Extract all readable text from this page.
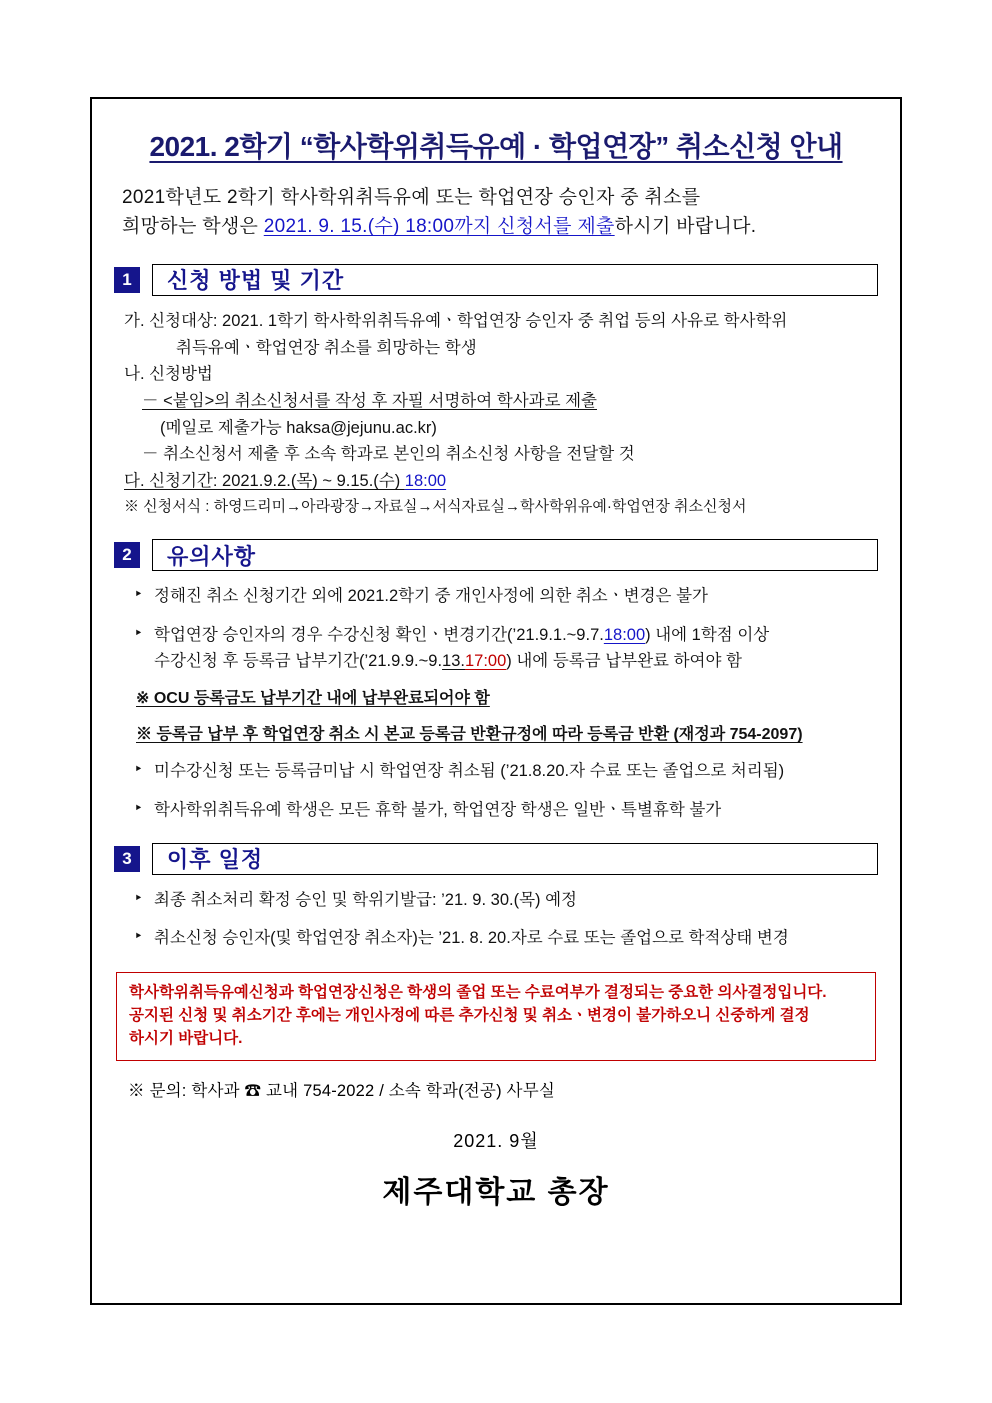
2021. 2학기 “학사학위취득유예 · 학업연장” 취소신청 안내
2021학년도 2학기 학사학위취득유예 또는 학업연장 승인자 중 취소를
희망하는 학생은 2021. 9. 15.(수) 18:00까지 신청서를 제출하시기 바랍니다.
1	신청 방법 및 기간
가. 신청대상: 2021. 1학기 학사학위취득유예ㆍ학업연장 승인자 중 취업 등의 사유로 학사학위
취득유예ㆍ학업연장 취소를 희망하는 학생
나. 신청방법
－ <붙임>의 취소신청서를 작성 후 자필 서명하여 학사과로 제출
(메일로 제출가능 haksa@jejunu.ac.kr)
－ 취소신청서 제출 후 소속 학과로 본인의 취소신청 사항을 전달할 것
다. 신청기간: 2021.9.2.(목) ~ 9.15.(수) 18:00
※ 신청서식 : 하영드리미→아라광장→자료실→서식자료실→학사학위유예·학업연장 취소신청서
2	유의사항
‣ 정해진 취소 신청기간 외에 2021.2학기 중 개인사정에 의한 취소ㆍ변경은 불가
‣ 학업연장 승인자의 경우 수강신청 확인ㆍ변경기간(’21.9.1.~9.7.18:00) 내에 1학점 이상
수강신청 후 등록금 납부기간(’21.9.9.~9.13.17:00) 내에 등록금 납부완료 하여야 함
※ OCU 등록금도 납부기간 내에 납부완료되어야 함
※ 등록금 납부 후 학업연장 취소 시 본교 등록금 반환규정에 따라 등록금 반환 (재정과 754-2097)
‣ 미수강신청 또는 등록금미납 시 학업연장 취소됨 (’21.8.20.자 수료 또는 졸업으로 처리됨)
‣ 학사학위취득유예 학생은 모든 휴학 불가, 학업연장 학생은 일반ㆍ특별휴학 불가
3	이후 일정
‣ 최종 취소처리 확정 승인 및 학위기발급: ’21. 9. 30.(목) 예정
‣ 취소신청 승인자(및 학업연장 취소자)는 ’21. 8. 20.자로 수료 또는 졸업으로 학적상태 변경
학사학위취득유예신청과 학업연장신청은 학생의 졸업 또는 수료여부가 결정되는 중요한 의사결정입니다.
공지된 신청 및 취소기간 후에는 개인사정에 따른 추가신청 및 취소ㆍ변경이 불가하오니 신중하게 결정
하시기 바랍니다.
※ 문의: 학사과 ☎ 교내 754-2022 / 소속 학과(전공) 사무실
2021. 9월
제주대학교 총장
